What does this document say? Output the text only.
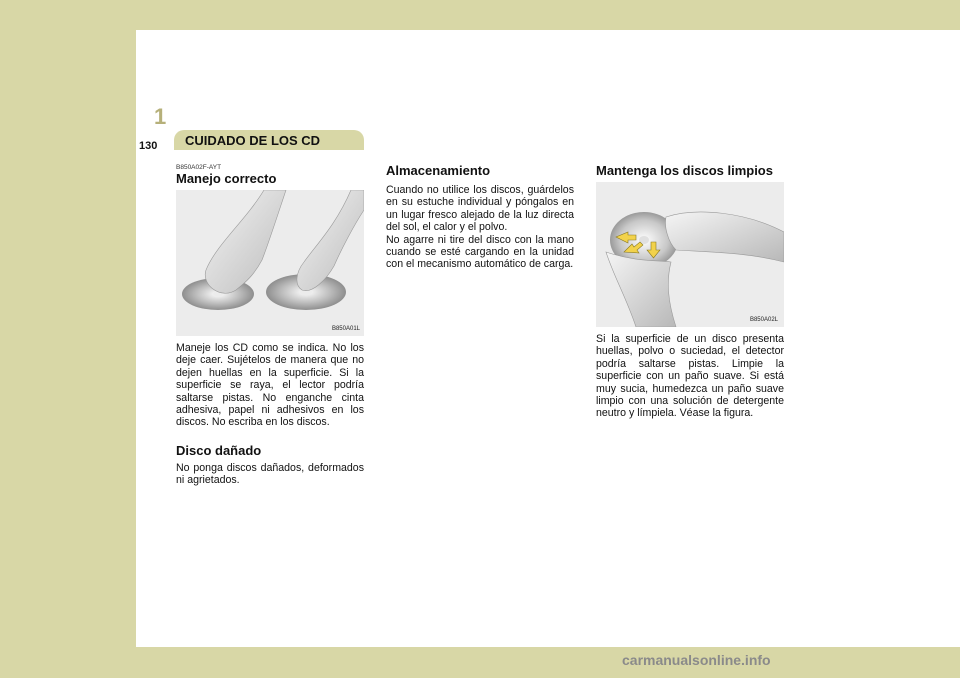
1 COMPONENTES DE SU HYUNDAI
CUIDADO DE LOS CD
130
B850A02F-AYT
Manejo correcto
B850A01L

Maneje los CD como se indica. No los deje caer. Sujételos de manera que no dejen huellas en la superficie. Si la superficie se raya, el lector podría saltarse pistas. No enganche cinta adhesiva, papel ni adhesivos en los discos. No escriba en los discos.

Disco dañado

No ponga discos dañados, deformados ni agrietados.

Almacenamiento

Cuando no utilice los discos, guárdelos en su estuche individual y póngalos en un lugar fresco alejado de la luz directa del sol, el calor y el polvo.
No agarre ni tire del disco con la mano cuando se esté cargando en la unidad con el mecanismo automático de carga.

Mantenga los discos limpios
B850A02L

Si la superficie de un disco presenta huellas, polvo o suciedad, el detector podría saltarse pistas. Limpie la superficie con un paño suave. Si está muy sucia, humedezca un paño suave limpio con una solución de detergente neutro y límpiela. Véase la figura.

carmanualsonline.info
